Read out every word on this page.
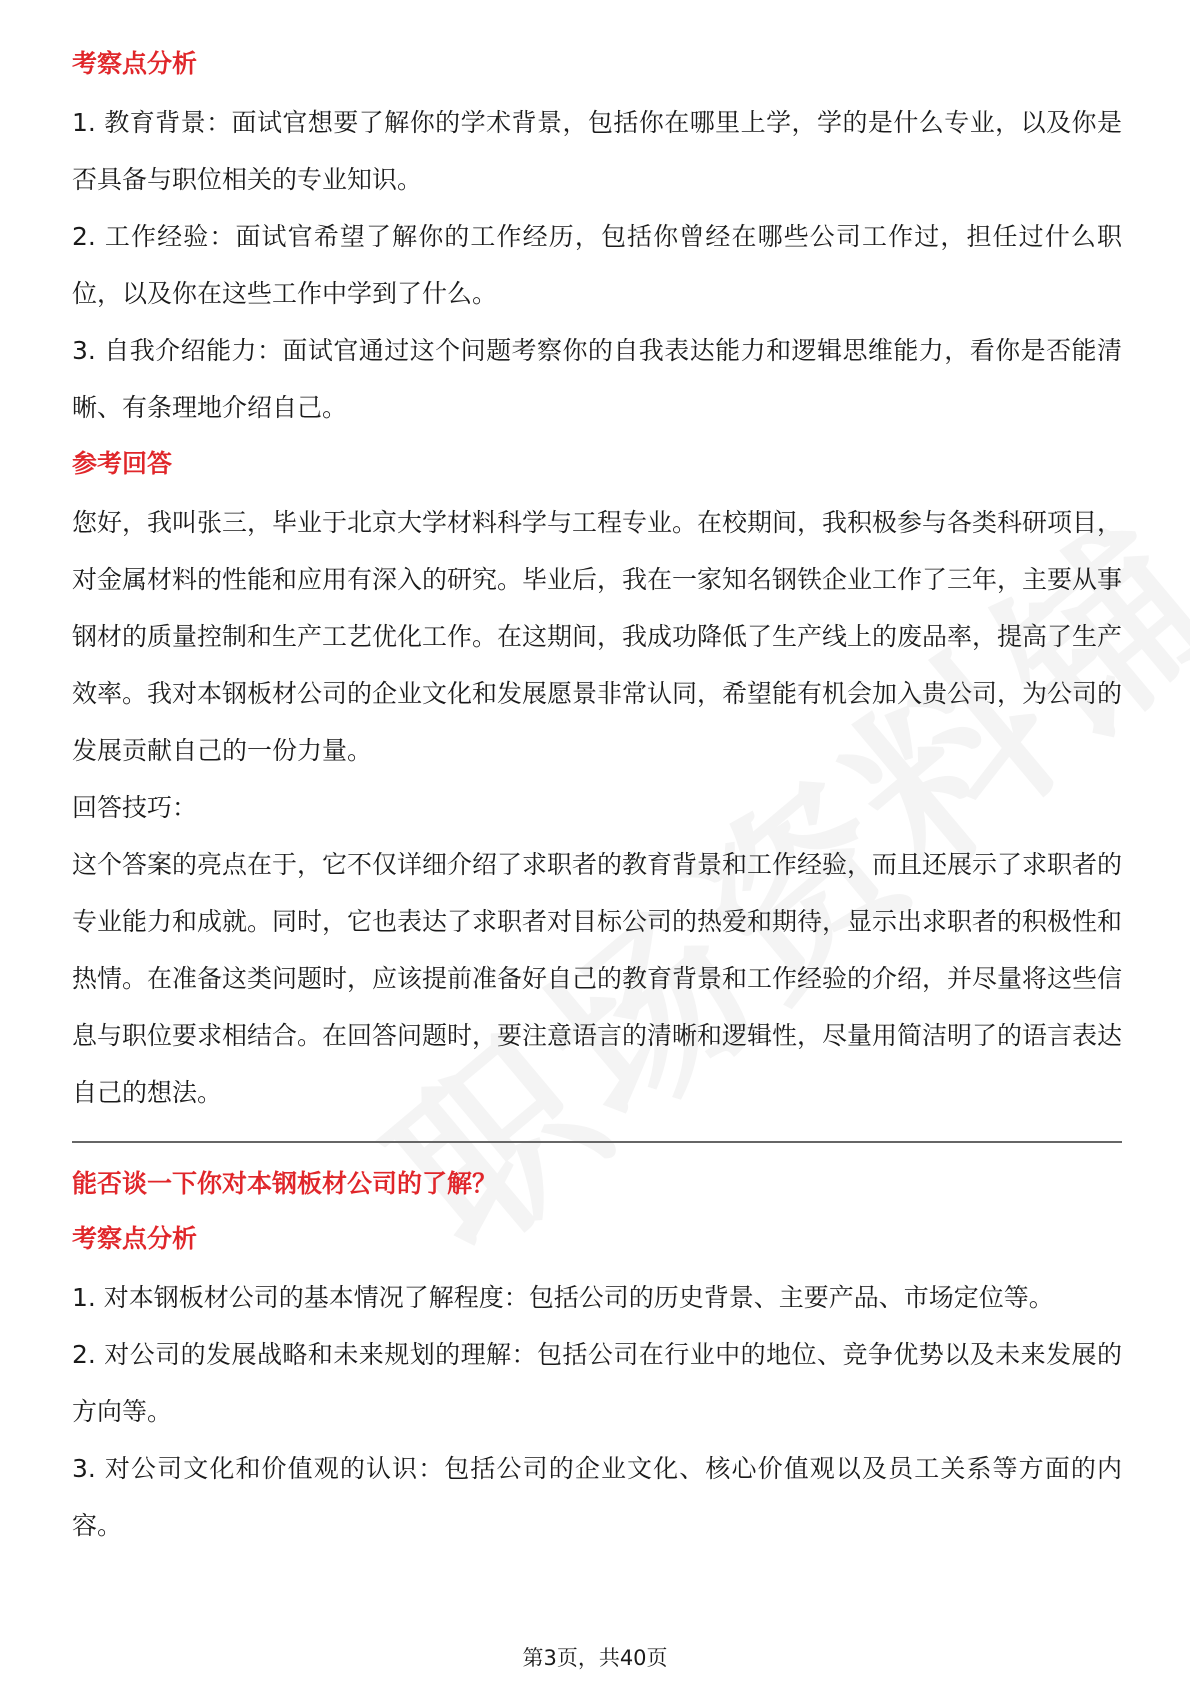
考察点分析

1. 教育背景：面试官想要了解你的学术背景，包括你在哪里上学，学的是什么专业，以及你是否具备与职位相关的专业知识。

2. 工作经验：面试官希望了解你的工作经历，包括你曾经在哪些公司工作过，担任过什么职位，以及你在这些工作中学到了什么。

3. 自我介绍能力：面试官通过这个问题考察你的自我表达能力和逻辑思维能力，看你是否能清晰、有条理地介绍自己。

参考回答

您好，我叫张三，毕业于北京大学材料科学与工程专业。在校期间，我积极参与各类科研项目，对金属材料的性能和应用有深入的研究。毕业后，我在一家知名钢铁企业工作了三年，主要从事钢材的质量控制和生产工艺优化工作。在这期间，我成功降低了生产线上的废品率，提高了生产效率。我对本钢板材公司的企业文化和发展愿景非常认同，希望能有机会加入贵公司，为公司的发展贡献自己的一份力量。

回答技巧：

这个答案的亮点在于，它不仅详细介绍了求职者的教育背景和工作经验，而且还展示了求职者的专业能力和成就。同时，它也表达了求职者对目标公司的热爱和期待，显示出求职者的积极性和热情。在准备这类问题时，应该提前准备好自己的教育背景和工作经验的介绍，并尽量将这些信息与职位要求相结合。在回答问题时，要注意语言的清晰和逻辑性，尽量用简洁明了的语言表达自己的想法。

能否谈一下你对本钢板材公司的了解？
考察点分析

1. 对本钢板材公司的基本情况了解程度：包括公司的历史背景、主要产品、市场定位等。

2. 对公司的发展战略和未来规划的理解：包括公司在行业中的地位、竞争优势以及未来发展的方向等。

3. 对公司文化和价值观的认识：包括公司的企业文化、核心价值观以及员工关系等方面的内容。

第3页，共40页
